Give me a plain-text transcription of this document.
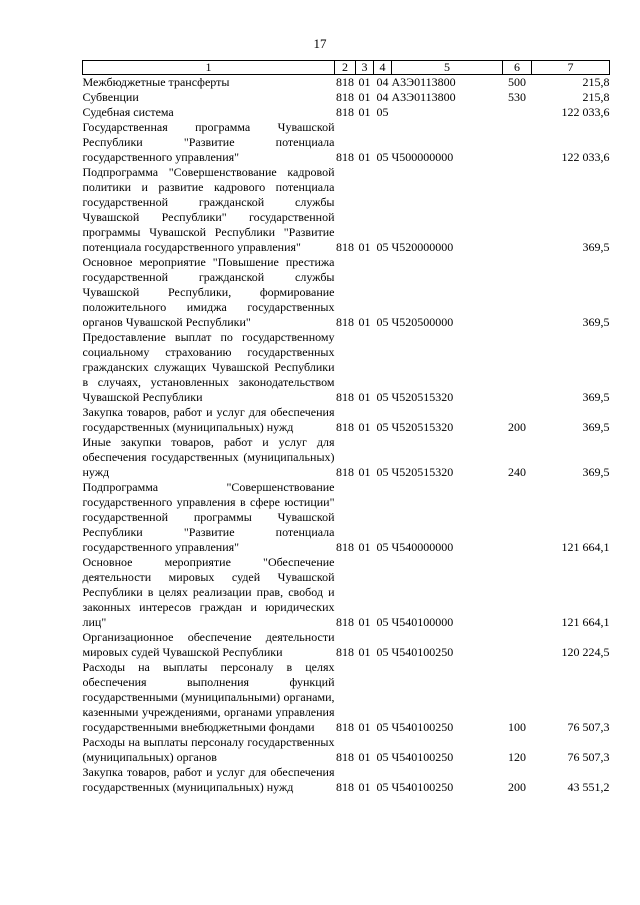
17
1	2	3	4	5	6	7
Межбюджетные трансферты	818	01	04	А3Э0113800	500	215,8
Субвенции	818	01	04	А3Э0113800	530	215,8
Судебная система	818	01	05			122 033,6
Государственная программа Чувашской Республики "Развитие потенциала государственного управления"	818	01	05	Ч500000000		122 033,6
Подпрограмма "Совершенствование кадровой политики и развитие кадрового потенциала государственной гражданской службы Чувашской Республики" государственной программы Чувашской Республики "Развитие потенциала государственного управления"	818	01	05	Ч520000000		369,5
Основное мероприятие "Повышение престижа государственной гражданской службы Чувашской Республики, формирование положительного имиджа государственных органов Чувашской Республики"	818	01	05	Ч520500000		369,5
Предоставление выплат по государственному социальному страхованию государственных гражданских служащих Чувашской Республики в случаях, установленных законодательством Чувашской Республики	818	01	05	Ч520515320		369,5
Закупка товаров, работ и услуг для обеспечения государственных (муниципальных) нужд	818	01	05	Ч520515320	200	369,5
Иные закупки товаров, работ и услуг для обеспечения государственных (муниципальных) нужд	818	01	05	Ч520515320	240	369,5
Подпрограмма "Совершенствование государственного управления в сфере юстиции" государственной программы Чувашской Республики "Развитие потенциала государственного управления"	818	01	05	Ч540000000		121 664,1
Основное мероприятие "Обеспечение деятельности мировых судей Чувашской Республики в целях реализации прав, свобод и законных интересов граждан и юридических лиц"	818	01	05	Ч540100000		121 664,1
Организационное обеспечение деятельности мировых судей Чувашской Республики	818	01	05	Ч540100250		120 224,5
Расходы на выплаты персоналу в целях обеспечения выполнения функций государственными (муниципальными) органами, казенными учреждениями, органами управления государственными внебюджетными фондами	818	01	05	Ч540100250	100	76 507,3
Расходы на выплаты персоналу государственных (муниципальных) органов	818	01	05	Ч540100250	120	76 507,3
Закупка товаров, работ и услуг для обеспечения государственных (муниципальных) нужд	818	01	05	Ч540100250	200	43 551,2
